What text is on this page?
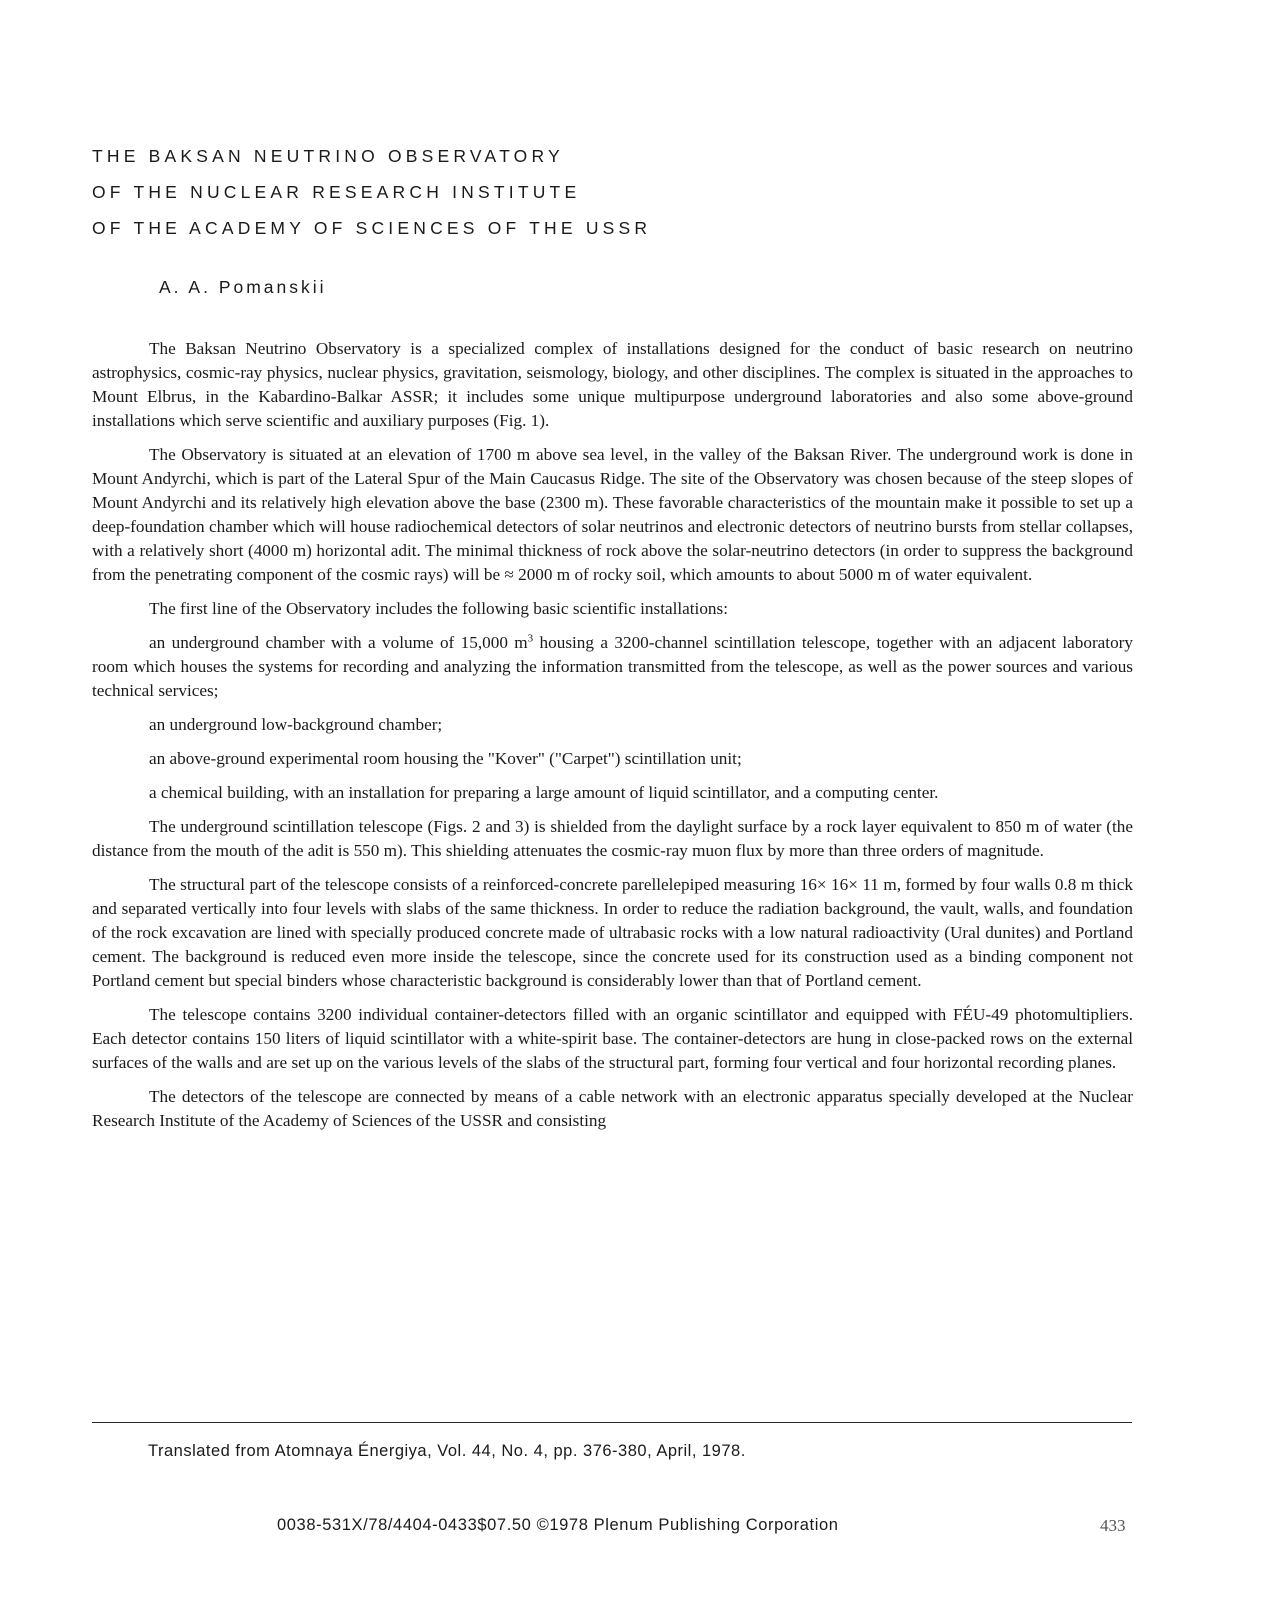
THE BAKSAN NEUTRINO OBSERVATORY
OF THE NUCLEAR RESEARCH INSTITUTE
OF THE ACADEMY OF SCIENCES OF THE USSR
A. A. Pomanskii

The Baksan Neutrino Observatory is a specialized complex of installations designed for the conduct of basic research on neutrino astrophysics, cosmic-ray physics, nuclear physics, gravitation, seismology, biology, and other disciplines. The complex is situated in the approaches to Mount Elbrus, in the Kabardino-Balkar ASSR; it includes some unique multipurpose underground laboratories and also some above-ground installations which serve scientific and auxiliary purposes (Fig. 1).

The Observatory is situated at an elevation of 1700 m above sea level, in the valley of the Baksan River. The underground work is done in Mount Andyrchi, which is part of the Lateral Spur of the Main Caucasus Ridge. The site of the Observatory was chosen because of the steep slopes of Mount Andyrchi and its relatively high elevation above the base (2300 m). These favorable characteristics of the mountain make it possible to set up a deep-foundation chamber which will house radiochemical detectors of solar neutrinos and electronic detectors of neutrino bursts from stellar collapses, with a relatively short (4000 m) horizontal adit. The minimal thickness of rock above the solar-neutrino detectors (in order to suppress the background from the penetrating component of the cosmic rays) will be ≈ 2000 m of rocky soil, which amounts to about 5000 m of water equivalent.

The first line of the Observatory includes the following basic scientific installations:

an underground chamber with a volume of 15,000 $m^3$ housing a 3200-channel scintillation telescope, together with an adjacent laboratory room which houses the systems for recording and analyzing the information transmitted from the telescope, as well as the power sources and various technical services;

an underground low-background chamber;

an above-ground experimental room housing the "Kover" ("Carpet") scintillation unit;

a chemical building, with an installation for preparing a large amount of liquid scintillator, and a computing center.

The underground scintillation telescope (Figs. 2 and 3) is shielded from the daylight surface by a rock layer equivalent to 850 m of water (the distance from the mouth of the adit is 550 m). This shielding attenuates the cosmic-ray muon flux by more than three orders of magnitude.

The structural part of the telescope consists of a reinforced-concrete parellelepiped measuring 16× 16× 11 m, formed by four walls 0.8 m thick and separated vertically into four levels with slabs of the same thickness. In order to reduce the radiation background, the vault, walls, and foundation of the rock excavation are lined with specially produced concrete made of ultrabasic rocks with a low natural radioactivity (Ural dunites) and Portland cement. The background is reduced even more inside the telescope, since the concrete used for its construction used as a binding component not Portland cement but special binders whose characteristic background is considerably lower than that of Portland cement.

The telescope contains 3200 individual container-detectors filled with an organic scintillator and equipped with FÉU-49 photomultipliers. Each detector contains 150 liters of liquid scintillator with a white-spirit base. The container-detectors are hung in close-packed rows on the external surfaces of the walls and are set up on the various levels of the slabs of the structural part, forming four vertical and four horizontal recording planes.

The detectors of the telescope are connected by means of a cable network with an electronic apparatus specially developed at the Nuclear Research Institute of the Academy of Sciences of the USSR and consisting

Translated from Atomnaya Énergiya, Vol. 44, No. 4, pp. 376-380, April, 1978.
0038-531X/78/4404-0433$07.50 ©1978 Plenum Publishing Corporation	433
